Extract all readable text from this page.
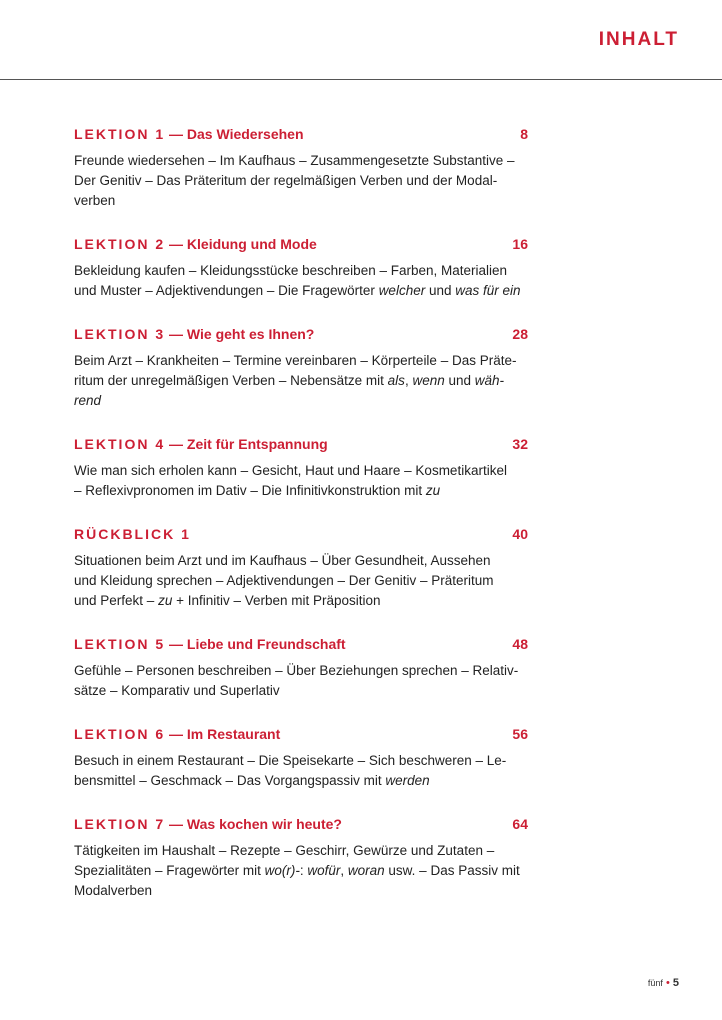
INHALT
LEKTION 1 — Das Wiedersehen	8

Freunde wiedersehen – Im Kaufhaus – Zusammengesetzte Substantive –
Der Genitiv – Das Präteritum der regelmäßigen Verben und der Modal-
verben

LEKTION 2 — Kleidung und Mode	16

Bekleidung kaufen – Kleidungsstücke beschreiben – Farben, Materialien
und Muster – Adjektivendungen – Die Fragewörter welcher und was für ein

LEKTION 3 — Wie geht es Ihnen?	28

Beim Arzt – Krankheiten – Termine vereinbaren – Körperteile – Das Präte-
ritum der unregelmäßigen Verben – Nebensätze mit als, wenn und wäh-
rend

LEKTION 4 — Zeit für Entspannung	32

Wie man sich erholen kann – Gesicht, Haut und Haare – Kosmetikartikel
– Reflexivpronomen im Dativ – Die Infinitivkonstruktion mit zu

RÜCKBLICK 1	40

Situationen beim Arzt und im Kaufhaus – Über Gesundheit, Aussehen
und Kleidung sprechen – Adjektivendungen – Der Genitiv – Präteritum
und Perfekt – zu + Infinitiv – Verben mit Präposition

LEKTION 5 — Liebe und Freundschaft	48

Gefühle – Personen beschreiben – Über Beziehungen sprechen – Relativ-
sätze – Komparativ und Superlativ

LEKTION 6 — Im Restaurant	56

Besuch in einem Restaurant – Die Speisekarte – Sich beschweren – Le-
bensmittel – Geschmack – Das Vorgangspassiv mit werden

LEKTION 7 — Was kochen wir heute?	64

Tätigkeiten im Haushalt – Rezepte – Geschirr, Gewürze und Zutaten –
Spezialitäten – Fragewörter mit wo(r)-: wofür, woran usw. – Das Passiv mit
Modalverben

fünf • 5
